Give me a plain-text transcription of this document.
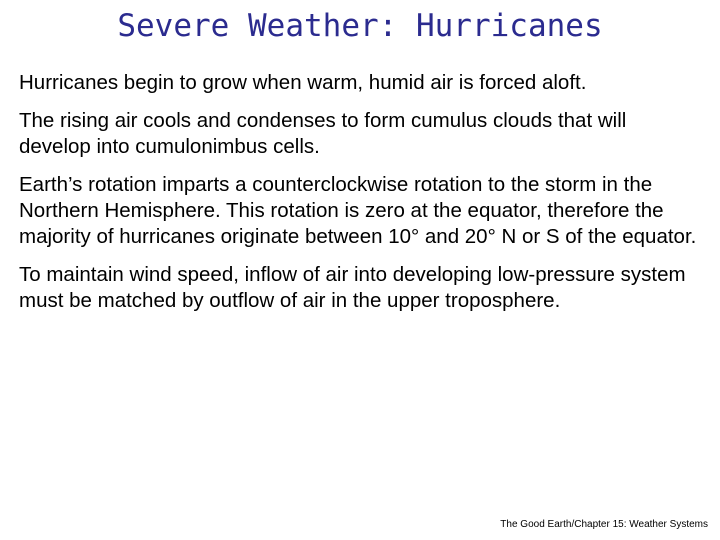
Severe Weather: Hurricanes

Hurricanes begin to grow when warm, humid air is forced aloft.

The rising air cools and condenses to form cumulus clouds that will develop into cumulonimbus cells.

Earth’s rotation imparts a counterclockwise rotation to the storm in the Northern Hemisphere. This rotation is zero at the equator, therefore the majority of hurricanes originate between 10° and 20° N or S of the equator.

To maintain wind speed, inflow of air into developing low-pressure system must be matched by outflow of air in the upper troposphere.

The Good Earth/Chapter 15: Weather Systems
